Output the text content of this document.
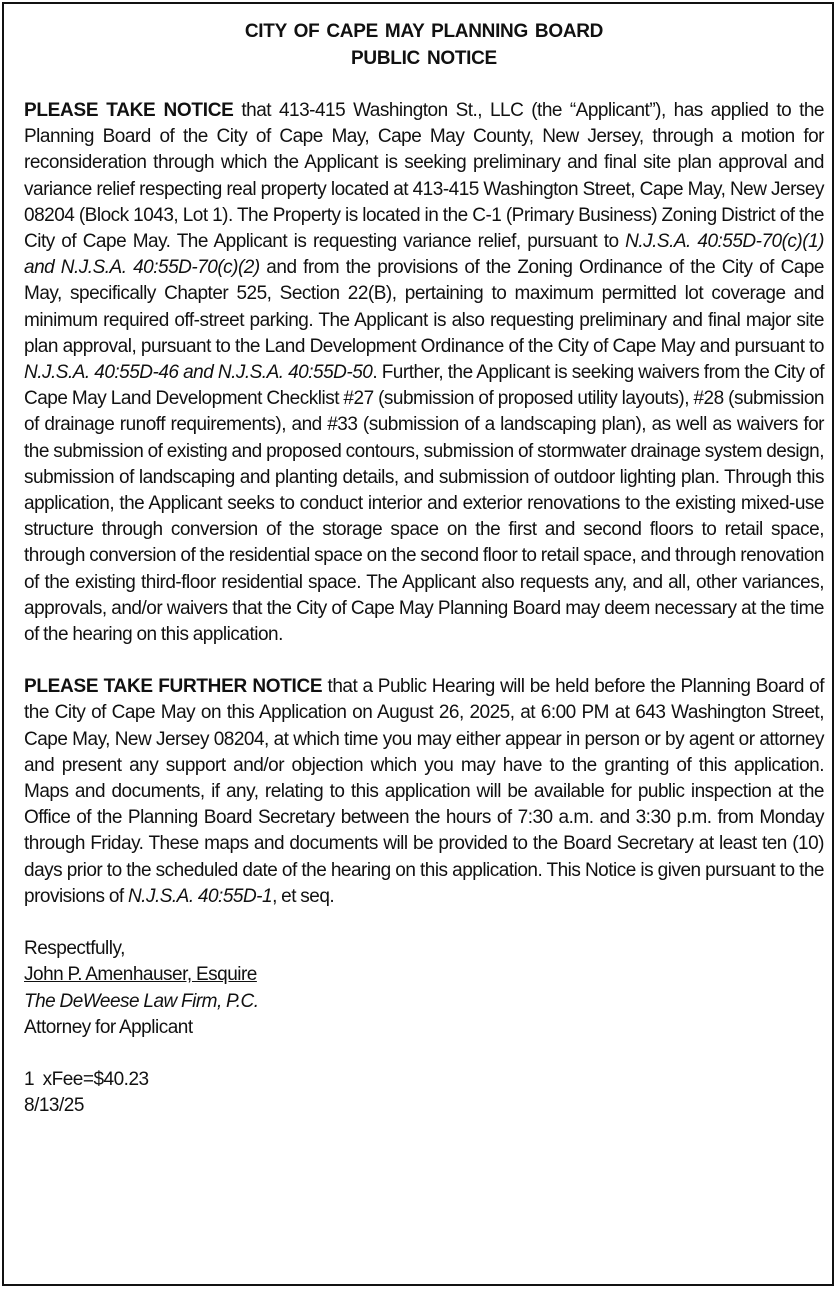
CITY OF CAPE MAY PLANNING BOARD
PUBLIC NOTICE

PLEASE TAKE NOTICE that 413-415 Washington St., LLC (the “Applicant”), has applied to the Planning Board of the City of Cape May, Cape May County, New Jersey, through a motion for reconsideration through which the Applicant is seeking preliminary and final site plan approval and variance relief respecting real property located at 413-415 Washington Street, Cape May, New Jersey 08204 (Block 1043, Lot 1). The Property is located in the C-1 (Primary Business) Zoning District of the City of Cape May. The Applicant is requesting variance relief, pursuant to N.J.S.A. 40:55D-70(c)(1) and N.J.S.A. 40:55D-70(c)(2) and from the provisions of the Zoning Ordinance of the City of Cape May, specifically Chapter 525, Section 22(B), pertaining to maximum permitted lot coverage and minimum required off-street parking. The Applicant is also requesting preliminary and final major site plan approval, pursuant to the Land Development Ordinance of the City of Cape May and pursuant to N.J.S.A. 40:55D-46 and N.J.S.A. 40:55D-50. Further, the Applicant is seeking waivers from the City of Cape May Land Development Checklist #27 (submission of proposed utility layouts), #28 (submission of drainage runoff requirements), and #33 (submission of a landscaping plan), as well as waivers for the submission of existing and proposed contours, submission of stormwater drainage system design, submission of landscaping and planting details, and submission of outdoor lighting plan. Through this application, the Applicant seeks to conduct interior and exterior renovations to the existing mixed-use structure through conversion of the storage space on the first and second floors to retail space, through conversion of the residential space on the second floor to retail space, and through renovation of the existing third-floor residential space. The Applicant also requests any, and all, other variances, approvals, and/or waivers that the City of Cape May Planning Board may deem necessary at the time of the hearing on this application.

PLEASE TAKE FURTHER NOTICE that a Public Hearing will be held before the Planning Board of the City of Cape May on this Application on August 26, 2025, at 6:00 PM at 643 Washington Street, Cape May, New Jersey 08204, at which time you may either appear in person or by agent or attorney and present any support and/or objection which you may have to the granting of this application. Maps and documents, if any, relating to this application will be available for public inspection at the Office of the Planning Board Secretary between the hours of 7:30 a.m. and 3:30 p.m. from Monday through Friday. These maps and documents will be provided to the Board Secretary at least ten (10) days prior to the scheduled date of the hearing on this application. This Notice is given pursuant to the provisions of N.J.S.A. 40:55D-1, et seq.

Respectfully,

John P. Amenhauser, Esquire

The DeWeese Law Firm, P.C.

Attorney for Applicant

1  xFee=$40.23

8/13/25
